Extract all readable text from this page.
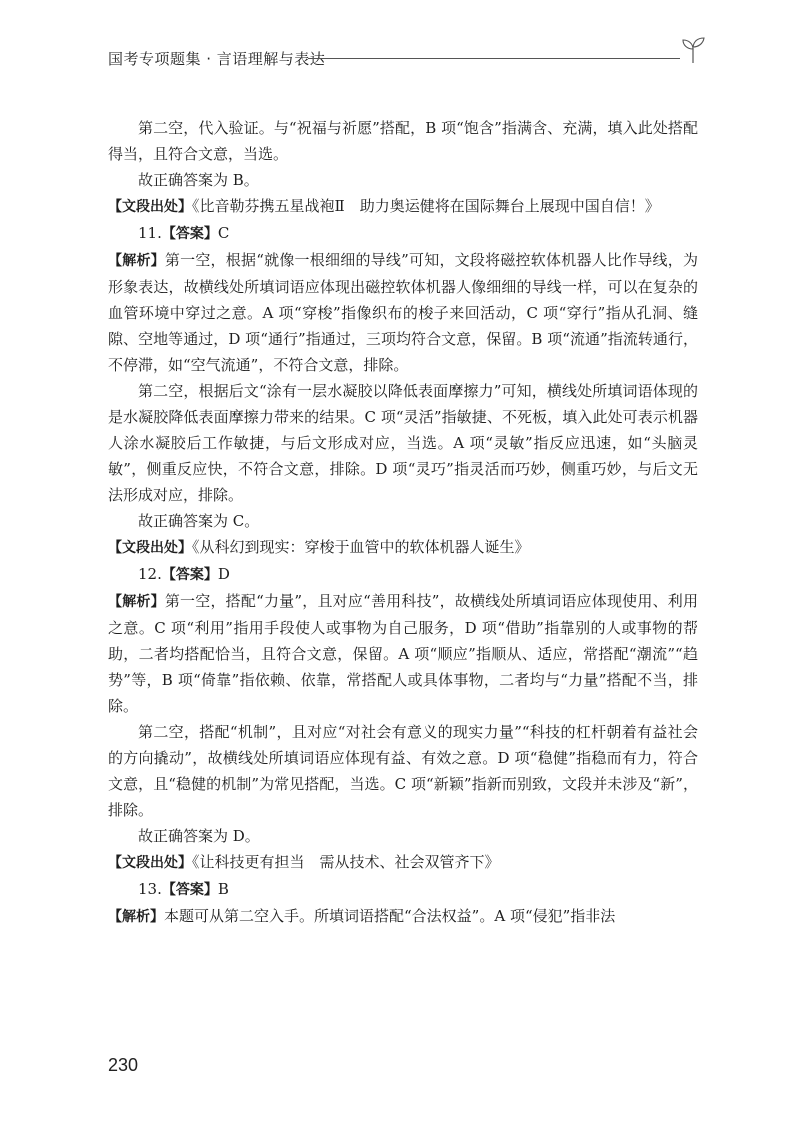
国考专项题集 · 言语理解与表达

第二空，代入验证。与“祝福与祈愿”搭配，B 项“饱含”指满含、充满，填入此处搭配得当，且符合文意，当选。

故正确答案为 B。

【文段出处】《比音勒芬携五星战袍Ⅱ　助力奥运健将在国际舞台上展现中国自信！》

11.【答案】C

【解析】第一空，根据“就像一根细细的导线”可知，文段将磁控软体机器人比作导线，为形象表达，故横线处所填词语应体现出磁控软体机器人像细细的导线一样，可以在复杂的血管环境中穿过之意。A 项“穿梭”指像织布的梭子来回活动，C 项“穿行”指从孔洞、缝隙、空地等通过，D 项“通行”指通过，三项均符合文意，保留。B 项“流通”指流转通行，不停滞，如“空气流通”，不符合文意，排除。

第二空，根据后文“涂有一层水凝胶以降低表面摩擦力”可知，横线处所填词语体现的是水凝胶降低表面摩擦力带来的结果。C 项“灵活”指敏捷、不死板，填入此处可表示机器人涂水凝胶后工作敏捷，与后文形成对应，当选。A 项“灵敏”指反应迅速，如“头脑灵敏”，侧重反应快，不符合文意，排除。D 项“灵巧”指灵活而巧妙，侧重巧妙，与后文无法形成对应，排除。

故正确答案为 C。

【文段出处】《从科幻到现实：穿梭于血管中的软体机器人诞生》

12.【答案】D

【解析】第一空，搭配“力量”，且对应“善用科技”，故横线处所填词语应体现使用、利用之意。C 项“利用”指用手段使人或事物为自己服务，D 项“借助”指靠别的人或事物的帮助，二者均搭配恰当，且符合文意，保留。A 项“顺应”指顺从、适应，常搭配“潮流”“趋势”等，B 项“倚靠”指依赖、依靠，常搭配人或具体事物，二者均与“力量”搭配不当，排除。

第二空，搭配“机制”，且对应“对社会有意义的现实力量”“科技的杠杆朝着有益社会的方向撬动”，故横线处所填词语应体现有益、有效之意。D 项“稳健”指稳而有力，符合文意，且“稳健的机制”为常见搭配，当选。C 项“新颖”指新而别致，文段并未涉及“新”，排除。

故正确答案为 D。

【文段出处】《让科技更有担当　需从技术、社会双管齐下》

13.【答案】B

【解析】本题可从第二空入手。所填词语搭配“合法权益”。A 项“侵犯”指非法

230
